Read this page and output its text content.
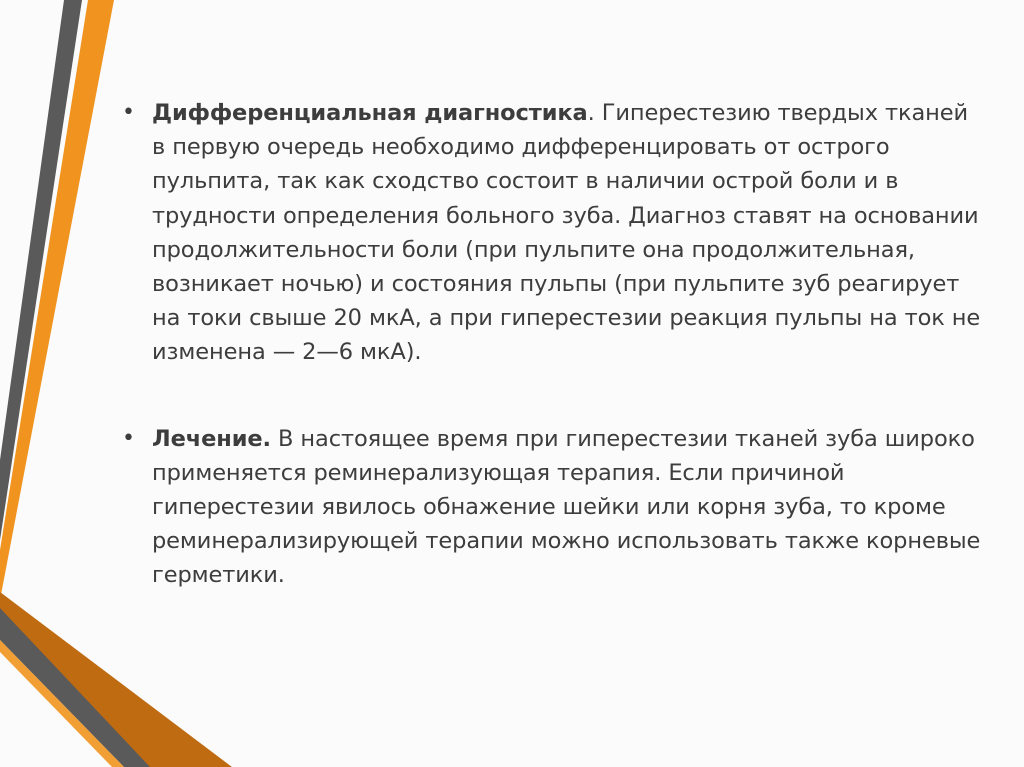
• Дифференциальная диагностика. Гиперестезию твердых тканей в первую очередь необходимо дифференцировать от острого пульпита, так как сходство состоит в наличии острой боли и в трудности определения больного зуба. Диагноз ставят на основании продолжительности боли (при пульпите она продолжительная, возникает ночью) и состояния пульпы (при пульпите зуб реагирует на токи свыше 20 мкА, а при гиперестезии реакция пульпы на ток не изменена — 2—6 мкА).
• Лечение. В настоящее время при гиперестезии тканей зуба широко применяется реминерализующая терапия. Если причиной гиперестезии явилось обнажение шейки или корня зуба, то кроме реминерализирующей терапии можно использовать также корневые герметики.
